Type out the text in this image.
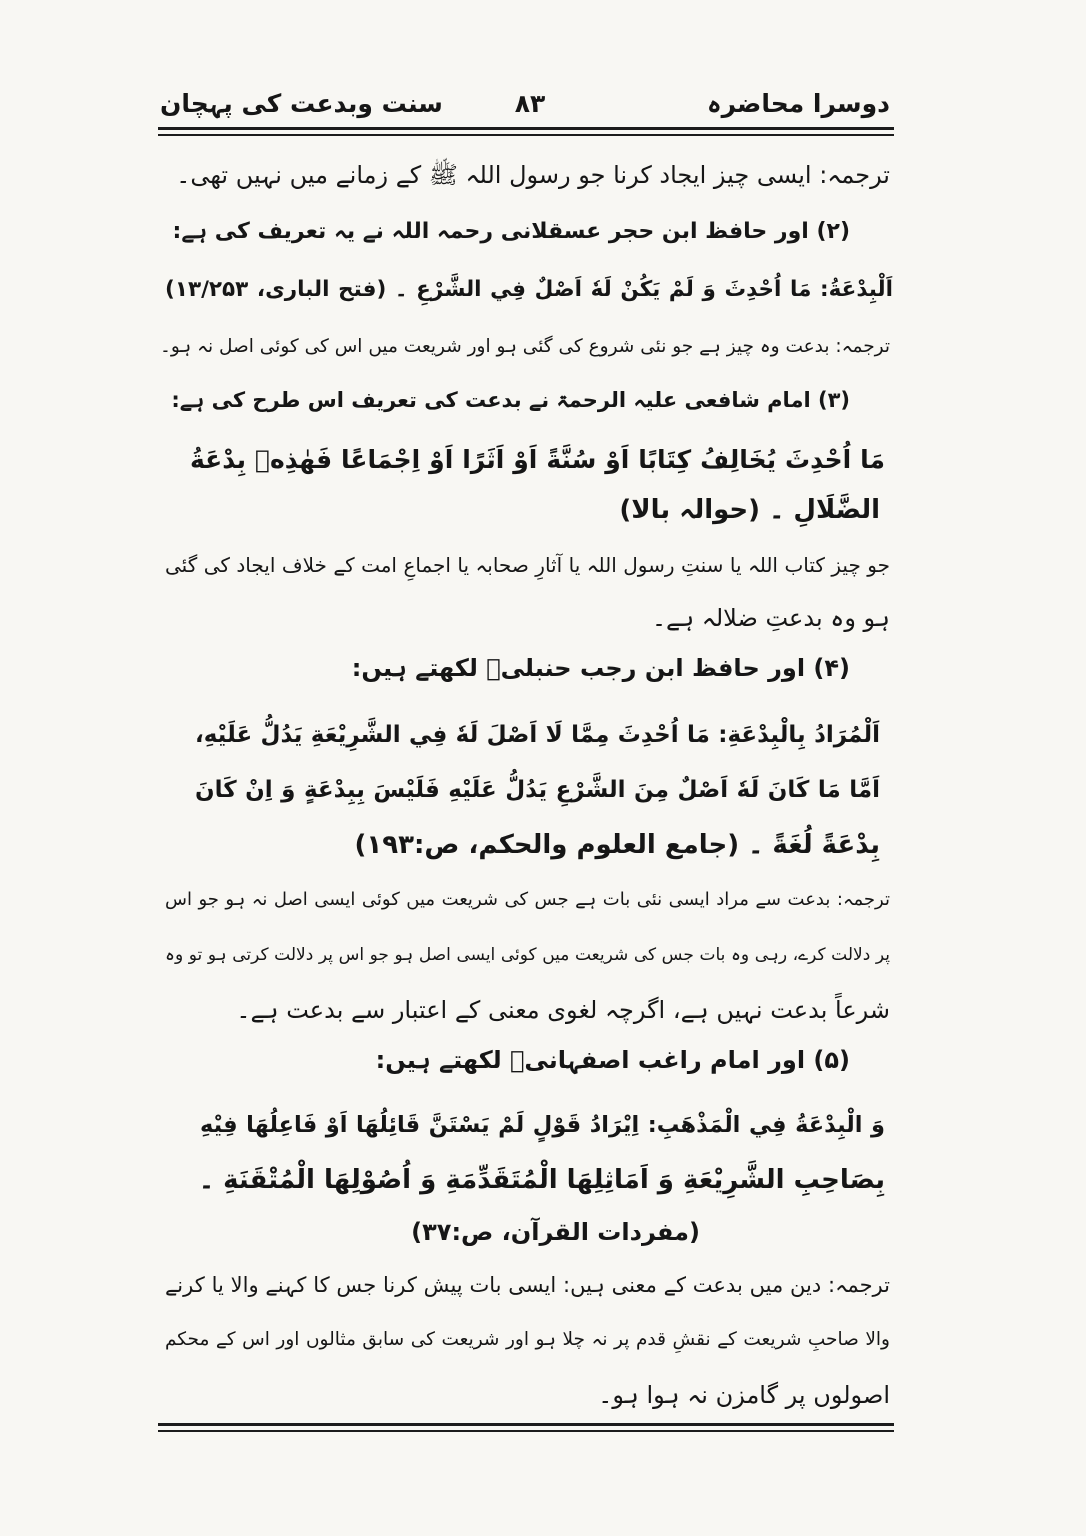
دوسرا محاضرہ
۸۳
سنت وبدعت کی پہچان
ترجمہ: ایسی چیز ایجاد کرنا جو رسول اللہ ﷺ کے زمانے میں نہیں تھی۔
(۲) اور حافظ ابن حجر عسقلانی رحمہ اللہ نے یہ تعریف کی ہے:
اَلْبِدْعَةُ: مَا اُحْدِثَ وَ لَمْ يَكُنْ لَهٗ اَصْلٌ فِي الشَّرْعِ ۔ (فتح الباری، ۱۳/۲۵۳)
ترجمہ: بدعت وہ چیز ہے جو نئی شروع کی گئی ہو اور شریعت میں اس کی کوئی اصل نہ ہو۔
(۳) امام شافعی علیہ الرحمۃ نے بدعت کی تعریف اس طرح کی ہے:
مَا اُحْدِثَ يُخَالِفُ كِتَابًا اَوْ سُنَّةً اَوْ اَثَرًا اَوْ اِجْمَاعًا فَهٰذِهٖ بِدْعَةُ
الضَّلَالِ ۔ (حوالہ بالا)
جو چیز کتاب اللہ یا سنتِ رسول اللہ یا آثارِ صحابہ یا اجماعِ امت کے خلاف ایجاد کی گئی
ہو وہ بدعتِ ضلالہ ہے۔
(۴) اور حافظ ابن رجب حنبلیؒ لکھتے ہیں:
اَلْمُرَادُ بِالْبِدْعَةِ: مَا اُحْدِثَ مِمَّا لَا اَصْلَ لَهٗ فِي الشَّرِيْعَةِ يَدُلُّ عَلَيْهِ،
اَمَّا مَا كَانَ لَهٗ اَصْلٌ مِنَ الشَّرْعِ يَدُلُّ عَلَيْهِ فَلَيْسَ بِبِدْعَةٍ وَ اِنْ كَانَ
بِدْعَةً لُغَةً ۔ (جامع العلوم والحکم، ص:۱۹۳)
ترجمہ: بدعت سے مراد ایسی نئی بات ہے جس کی شریعت میں کوئی ایسی اصل نہ ہو جو اس
پر دلالت کرے، رہی وہ بات جس کی شریعت میں کوئی ایسی اصل ہو جو اس پر دلالت کرتی ہو تو وہ
شرعاً بدعت نہیں ہے، اگرچہ لغوی معنی کے اعتبار سے بدعت ہے۔
(۵) اور امام راغب اصفہانیؒ لکھتے ہیں:
وَ الْبِدْعَةُ فِي الْمَذْهَبِ: اِيْرَادُ قَوْلٍ لَمْ يَسْتَنَّ قَائِلُهَا اَوْ فَاعِلُهَا فِيْهِ
بِصَاحِبِ الشَّرِيْعَةِ وَ اَمَاثِلِهَا الْمُتَقَدِّمَةِ وَ اُصُوْلِهَا الْمُتْقَنَةِ ۔
(مفردات القرآن، ص:۳۷)
ترجمہ: دین میں بدعت کے معنی ہیں: ایسی بات پیش کرنا جس کا کہنے والا یا کرنے
والا صاحبِ شریعت کے نقشِ قدم پر نہ چلا ہو اور شریعت کی سابق مثالوں اور اس کے محکم
اصولوں پر گامزن نہ ہوا ہو۔
